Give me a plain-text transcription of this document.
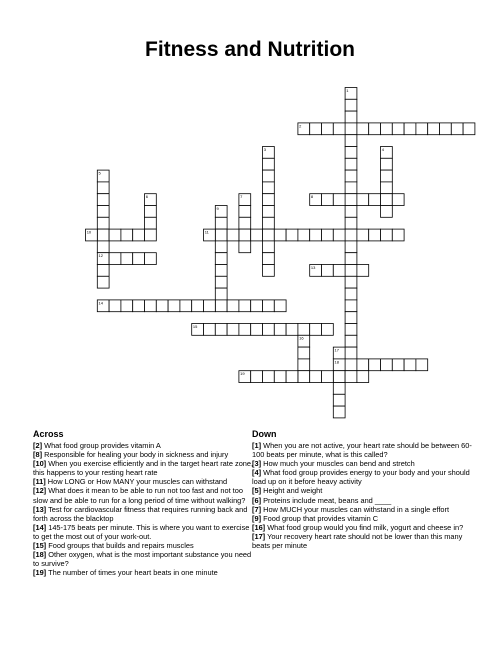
Fitness and Nutrition
1
2
3	4
5
6	7	8
9
10	11
12
13
14
15
16
17
18
19
Across

[2] What food group provides vitamin A

[8] Responsible for healing your body in sickness and injury

[10] When you exercise efficiently and in the target heart rate zone, this happens to your resting heart rate

[11] How LONG or How MANY your muscles can withstand

[12] What does it mean to be able to run not too fast and not too slow and be able to run for a long period of time without walking?

[13] Test for cardiovascular fitness that requires running back and forth across the blacktop

[14] 145-175 beats per minute. This is where you want to exercise to get the most out of your work-out.

[15] Food groups that builds and repairs muscles

[18] Other oxygen, what is the most important substance you need to survive?

[19] The number of times your heart beats in one minute

Down

[1] When you are not active, your heart rate should be between 60-100 beats per minute, what is this called?

[3] How much your muscles can bend and stretch

[4] What food group provides energy to your body and your should load up on it before heavy activity

[5] Height and weight

[6] Proteins include meat, beans and ____

[7] How MUCH your muscles can withstand in a single effort

[9] Food group that provides vitamin C

[16] What food group would you find milk, yogurt and cheese in?

[17] Your recovery heart rate should not be lower than this many beats per minute
